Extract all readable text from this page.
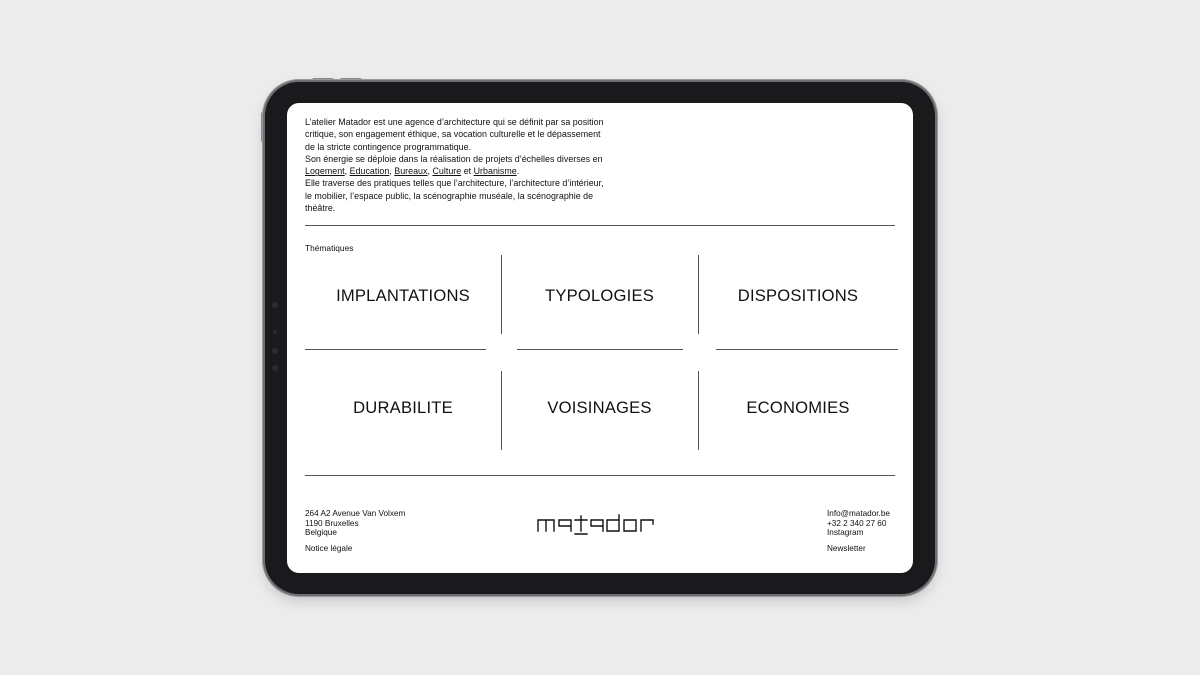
L’atelier Matador est une agence d’architecture qui se définit par sa position critique, son engagement éthique, sa vocation culturelle et le dépassement de la stricte contingence programmatique.
Son énergie se déploie dans la réalisation de projets d’échelles diverses en Logement, Education, Bureaux, Culture et Urbanisme.
Elle traverse des pratiques telles que l’architecture, l’architecture d’intérieur, le mobilier, l’espace public, la scénographie muséale, la scénographie de théâtre.

Thématiques
IMPLANTATIONS	TYPOLOGIES	DISPOSITIONS
DURABILITE	VOISINAGES	ECONOMIES
264 A2 Avenue Van Volxem
1190 Bruxelles
Belgique
Notice légale
Info@matador.be
+32 2 340 27 60
Instagram
Newsletter
